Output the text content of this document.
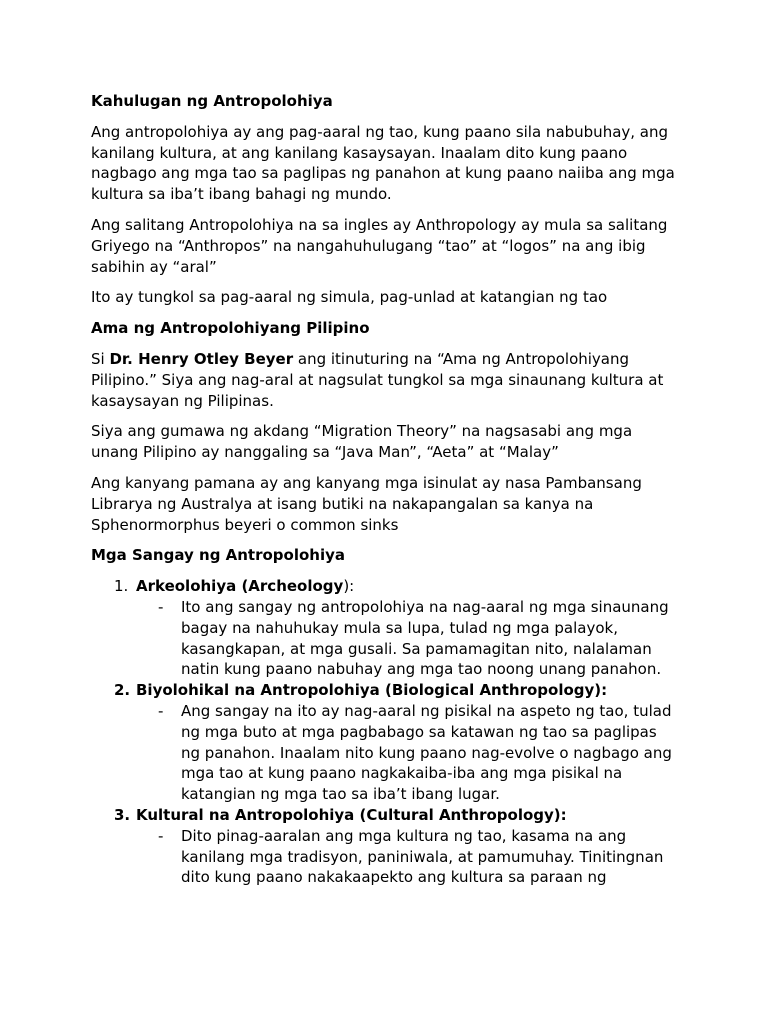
Kahulugan ng Antropolohiya

Ang antropolohiya ay ang pag-aaral ng tao, kung paano sila nabubuhay, ang kanilang kultura, at ang kanilang kasaysayan. Inaalam dito kung paano nagbago ang mga tao sa paglipas ng panahon at kung paano naiiba ang mga kultura sa iba’t ibang bahagi ng mundo.

Ang salitang Antropolohiya na sa ingles ay Anthropology ay mula sa salitang Griyego na “Anthropos” na nangahuhulugang “tao” at “logos” na ang ibig sabihin ay “aral”

Ito ay tungkol sa pag-aaral ng simula, pag-unlad at katangian ng tao

Ama ng Antropolohiyang Pilipino

Si Dr. Henry Otley Beyer ang itinuturing na “Ama ng Antropolohiyang Pilipino.” Siya ang nag-aral at nagsulat tungkol sa mga sinaunang kultura at kasaysayan ng Pilipinas.

Siya ang gumawa ng akdang “Migration Theory” na nagsasabi ang mga unang Pilipino ay nanggaling sa “Java Man”, “Aeta” at “Malay”

Ang kanyang pamana ay ang kanyang mga isinulat ay nasa Pambansang Librarya ng Australya at isang butiki na nakapangalan sa kanya na Sphenormorphus beyeri o common sinks

Mga Sangay ng Antropolohiya
1. Arkeolohiya (Archeology):
- Ito ang sangay ng antropolohiya na nag-aaral ng mga sinaunang bagay na nahuhukay mula sa lupa, tulad ng mga palayok, kasangkapan, at mga gusali. Sa pamamagitan nito, nalalaman natin kung paano nabuhay ang mga tao noong unang panahon.
2. Biyolohikal na Antropolohiya (Biological Anthropology):
- Ang sangay na ito ay nag-aaral ng pisikal na aspeto ng tao, tulad ng mga buto at mga pagbabago sa katawan ng tao sa paglipas ng panahon. Inaalam nito kung paano nag-evolve o nagbago ang mga tao at kung paano nagkakaiba-iba ang mga pisikal na katangian ng mga tao sa iba’t ibang lugar.
3. Kultural na Antropolohiya (Cultural Anthropology):
- Dito pinag-aaralan ang mga kultura ng tao, kasama na ang kanilang mga tradisyon, paniniwala, at pamumuhay. Tinitingnan dito kung paano nakakaapekto ang kultura sa paraan ng
